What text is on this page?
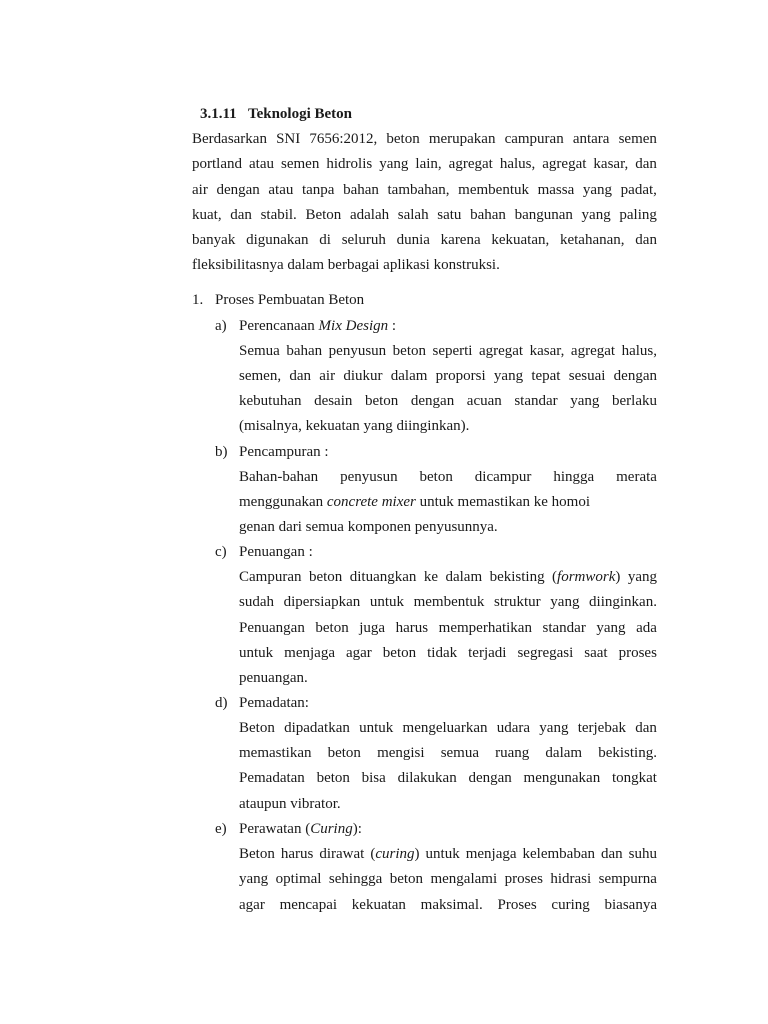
3.1.11 Teknologi Beton
Berdasarkan SNI 7656:2012, beton merupakan campuran antara semen
portland atau semen hidrolis yang lain, agregat halus, agregat kasar, dan
air dengan atau tanpa bahan tambahan, membentuk massa yang padat,
kuat, dan stabil. Beton adalah salah satu bahan bangunan yang paling
banyak digunakan di seluruh dunia karena kekuatan, ketahanan, dan
fleksibilitasnya dalam berbagai aplikasi konstruksi.
1. Proses Pembuatan Beton
a) Perencanaan Mix Design :
Semua bahan penyusun beton seperti agregat kasar, agregat halus,
semen, dan air diukur dalam proporsi yang tepat sesuai dengan
kebutuhan desain beton dengan acuan standar yang berlaku
(misalnya, kekuatan yang diinginkan).
b) Pencampuran :
Bahan-bahan penyusun beton dicampur hingga merata
menggunakan concrete mixer untuk memastikan ke homoi
genan dari semua komponen penyusunnya.
c) Penuangan :
Campuran beton dituangkan ke dalam bekisting (formwork) yang
sudah dipersiapkan untuk membentuk struktur yang diinginkan.
Penuangan beton juga harus memperhatikan standar yang ada
untuk menjaga agar beton tidak terjadi segregasi saat proses
penuangan.
d) Pemadatan:
Beton dipadatkan untuk mengeluarkan udara yang terjebak dan
memastikan beton mengisi semua ruang dalam bekisting.
Pemadatan beton bisa dilakukan dengan mengunakan tongkat
ataupun vibrator.
e) Perawatan (Curing):
Beton harus dirawat (curing) untuk menjaga kelembaban dan suhu
yang optimal sehingga beton mengalami proses hidrasi sempurna
agar mencapai kekuatan maksimal. Proses curing biasanya
